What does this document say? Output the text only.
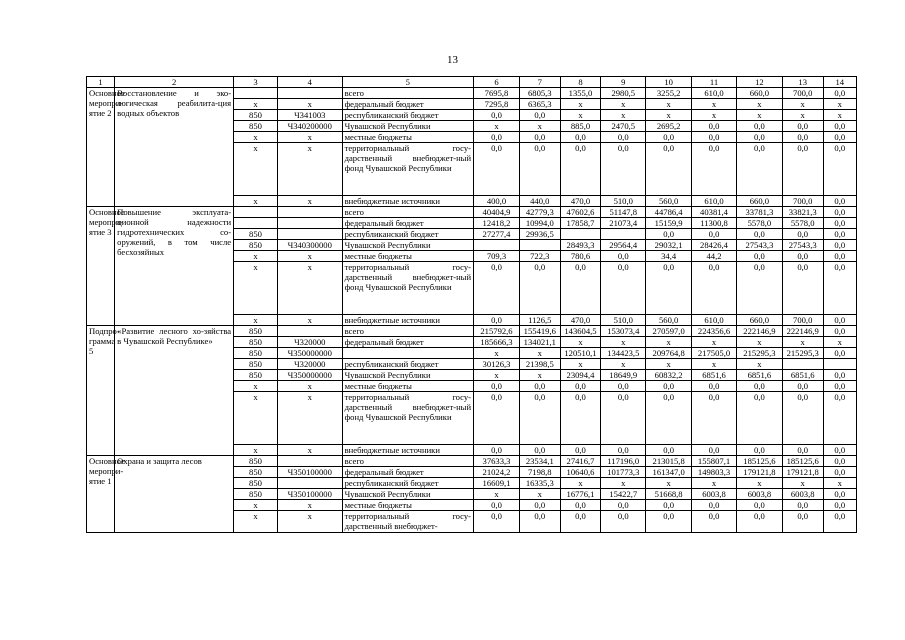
13
1	2	3	4	5	6	7	8	9	10	11	12	13	14
Основное меропри-ятие 2	Восстановление и эко-логическая реабилита-ция водных объектов			всего	7695,8	6805,3	1355,0	2980,5	3255,2	610,0	660,0	700,0	0,0
		х	х	федеральный бюджет	7295,8	6365,3	х	х	х	х	х	х	х
		850	Ч341003	республиканский бюджет	0,0	0,0	х	х	х	х	х	х	х
		850	Ч340200000	Чувашской Республики	х	х	885,0	2470,5	2695,2	0,0	0,0	0,0	0,0
		х	х	местные бюджеты	0,0	0,0	0,0	0,0	0,0	0,0	0,0	0,0	0,0
		х	х	территориальный госу-дарственный внебюджет-ный фонд Чувашской Республики	0,0	0,0	0,0	0,0	0,0	0,0	0,0	0,0	0,0
		х	х	внебюджетные источники	400,0	440,0	470,0	510,0	560,0	610,0	660,0	700,0	0,0
Основное меропри-ятие 3	Повышение эксплуата-ционной надежности гидротехнических со-оружений, в том числе бесхозяйных			всего	40404,9	42779,3	47602,6	51147,8	44786,4	40381,4	33781,3	33821,3	0,0
				федеральный бюджет	12418,2	10994,0	17858,7	21073,4	15159,9	11300,8	5578,0	5578,0	0,0
		850		республиканский бюджет	27277,4	29936,5			0,0	0,0	0,0	0,0	0,0
		850	Ч340300000	Чувашской Республики			28493,3	29564,4	29032,1	28426,4	27543,3	27543,3	0,0
		х	х	местные бюджеты	709,3	722,3	780,6	0,0	34,4	44,2	0,0	0,0	0,0
		х	х	территориальный госу-дарственный внебюджет-ный фонд Чувашской Республики	0,0	0,0	0,0	0,0	0,0	0,0	0,0	0,0	0,0
		х	х	внебюджетные источники	0,0	1126,5	470,0	510,0	560,0	610,0	660,0	700,0	0,0
Подпро-грамма 5	«Развитие лесного хо-зяйства в Чувашской Республике»	850		всего	215792,6	155419,6	143604,5	153073,4	270597,0	224356,6	222146,9	222146,9	0,0
		850	Ч320000	федеральный бюджет	185666,3	134021,1	х	х	х	х	х	х	х
		850	Ч350000000		х	х	120510,1	134423,5	209764,8	217505,0	215295,3	215295,3	0,0
		850	Ч320000	республиканский бюджет	30126,3	21398,5	х	х	х	х	х		
		850	Ч350000000	Чувашской Республики	х	х	23094,4	18649,9	60832,2	6851,6	6851,6	6851,6	0,0
		х	х	местные бюджеты	0,0	0,0	0,0	0,0	0,0	0,0	0,0	0,0	0,0
		х	х	территориальный госу-дарственный внебюджет-ный фонд Чувашской Республики	0,0	0,0	0,0	0,0	0,0	0,0	0,0	0,0	0,0
		х	х	внебюджетные источники	0,0	0,0	0,0	0,0	0,0	0,0	0,0	0,0	0,0
Основное меропри-ятие 1	Охрана и защита лесов	850		всего	37633,3	23534,1	27416,7	117196,0	213015,8	155807,1	185125,6	185125,6	0,0
		850	Ч350100000	федеральный бюджет	21024,2	7198,8	10640,6	101773,3	161347,0	149803,3	179121,8	179121,8	0,0
		850		республиканский бюджет	16609,1	16335,3	х	х	х	х	х	х	х
		850	Ч350100000	Чувашской Республики	х	х	16776,1	15422,7	51668,8	6003,8	6003,8	6003,8	0,0
		х	х	местные бюджеты	0,0	0,0	0,0	0,0	0,0	0,0	0,0	0,0	0,0
		х	х	территориальный госу-дарственный внебюджет-	0,0	0,0	0,0	0,0	0,0	0,0	0,0	0,0	0,0
